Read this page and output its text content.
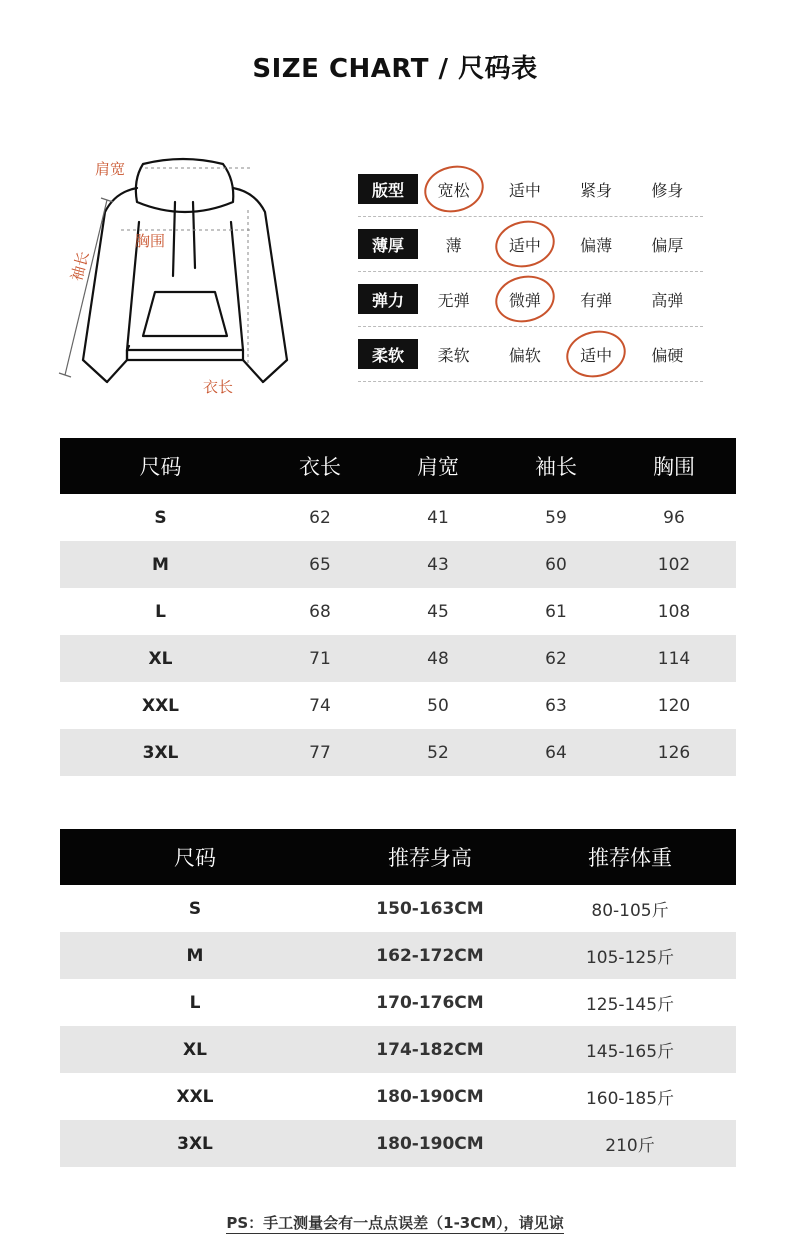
SIZE CHART / 尺码表
肩宽
胸围
衣长
袖长
版型	宽松	适中	紧身	修身
薄厚	薄	适中	偏薄	偏厚
弹力	无弹	微弹	有弹	高弹
柔软	柔软	偏软	适中	偏硬
尺码	衣长	肩宽	袖长	胸围
S	62	41	59	96
M	65	43	60	102
L	68	45	61	108
XL	71	48	62	114
XXL	74	50	63	120
3XL	77	52	64	126
尺码	推荐身高	推荐体重
S	150-163CM	80-105斤
M	162-172CM	105-125斤
L	170-176CM	125-145斤
XL	174-182CM	145-165斤
XXL	180-190CM	160-185斤
3XL	180-190CM	210斤
PS：手工测量会有一点点误差（1-3CM），请见谅
